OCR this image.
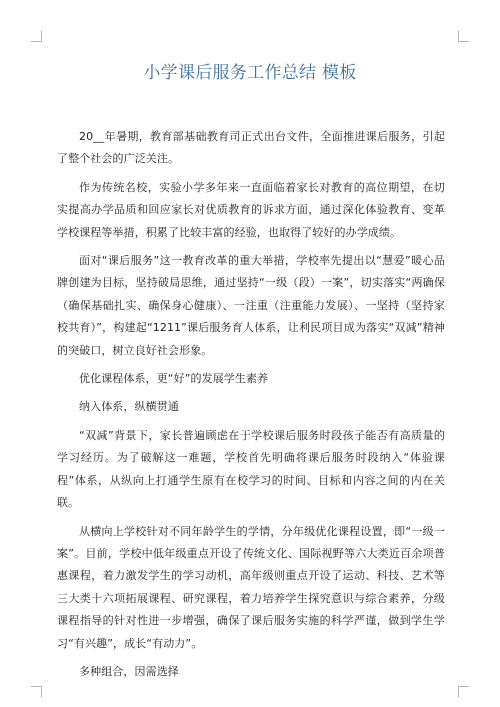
小学课后服务工作总结 模板

20__年暑期，教育部基础教育司正式出台文件，全面推进课后服务，引起了整个社会的广泛关注。

作为传统名校，实验小学多年来一直面临着家长对教育的高位期望，在切实提高办学品质和回应家长对优质教育的诉求方面，通过深化体验教育、变革学校课程等举措，积累了比较丰富的经验，也取得了较好的办学成绩。

面对“课后服务”这一教育改革的重大举措，学校率先提出以“慧爱”暖心品牌创建为目标，坚持破局思维，通过坚持“一级（段）一案”，切实落实“两确保（确保基础扎实、确保身心健康）、一注重（注重能力发展）、一坚持（坚持家校共育）”，构建起“1211”课后服务育人体系，让利民项目成为落实“双减”精神的突破口，树立良好社会形象。

优化课程体系，更“好”的发展学生素养

纳入体系，纵横贯通

“双减”背景下，家长普遍顾虑在于学校课后服务时段孩子能否有高质量的学习经历。为了破解这一难题，学校首先明确将课后服务时段纳入“体验课程”体系，从纵向上打通学生原有在校学习的时间、目标和内容之间的内在关联。

从横向上学校针对不同年龄学生的学情，分年级优化课程设置，即“一级一案”。目前，学校中低年级重点开设了传统文化、国际视野等六大类近百余项普惠课程，着力激发学生的学习动机，高年级则重点开设了运动、科技、艺术等三大类十六项拓展课程、研究课程，着力培养学生探究意识与综合素养，分级课程指导的针对性进一步增强，确保了课后服务实施的科学严谨，做到学生学习“有兴趣”，成长“有动力”。

多种组合，因需选择
